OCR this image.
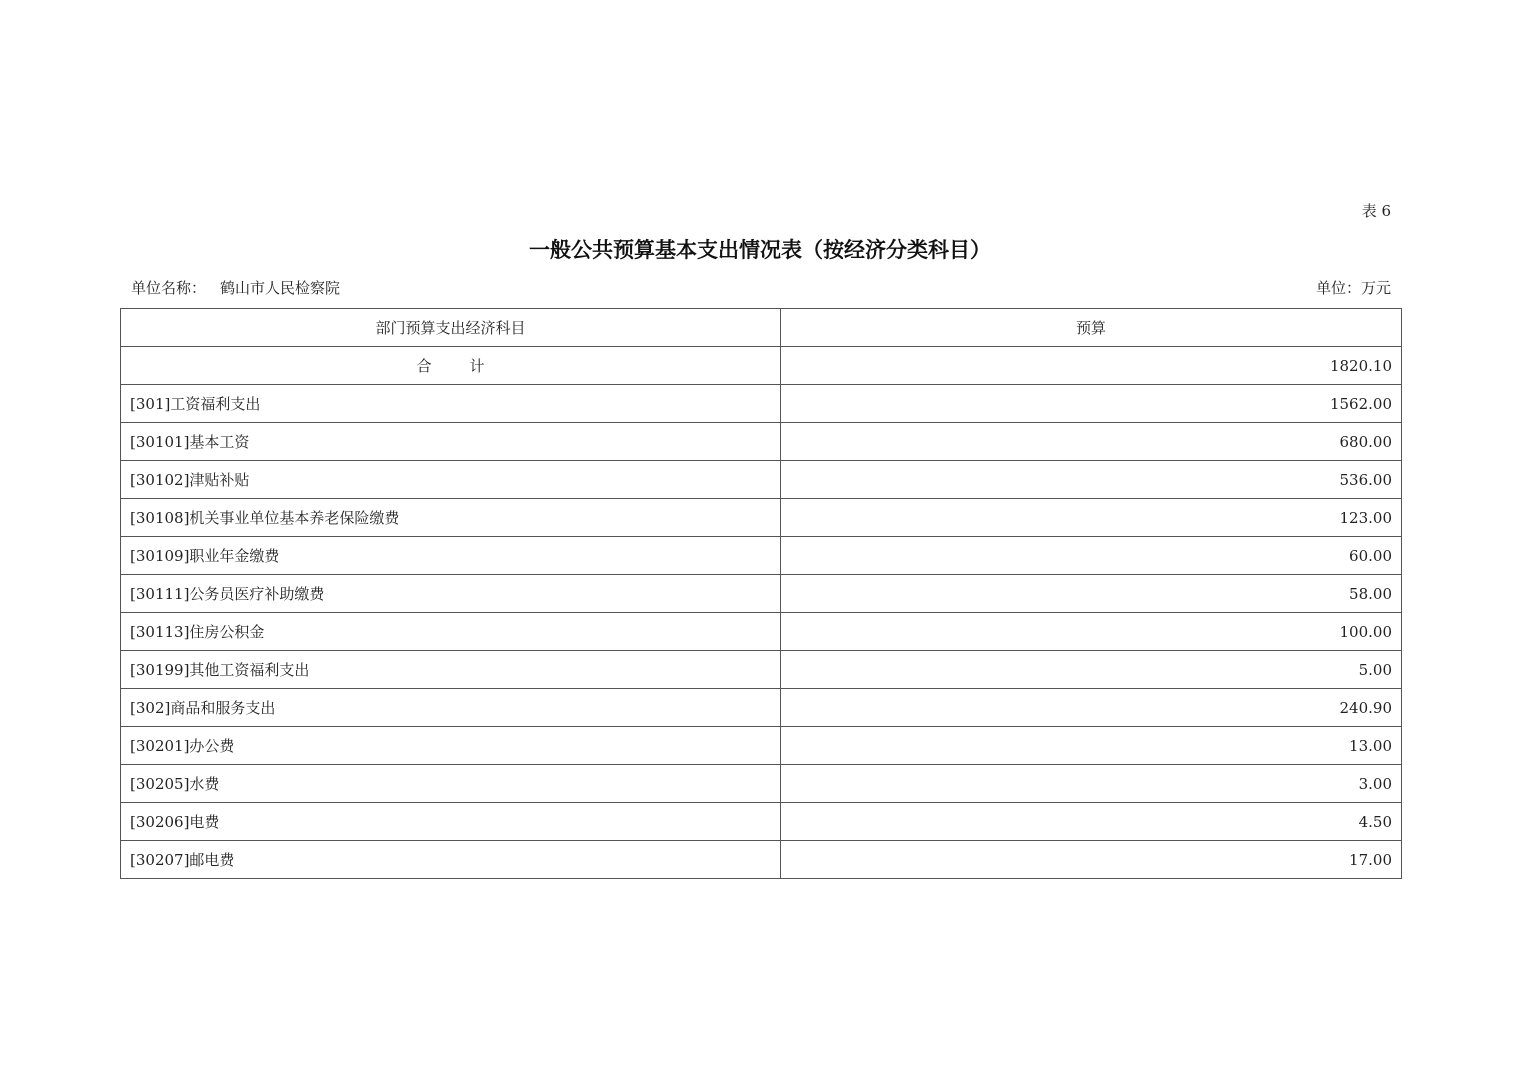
表 6
一般公共预算基本支出情况表（按经济分类科目）
单位名称： 鹤山市人民检察院	单位：万元
部门预算支出经济科目	预算
合 计	1820.10
[301]工资福利支出	1562.00
[30101]基本工资	680.00
[30102]津贴补贴	536.00
[30108]机关事业单位基本养老保险缴费	123.00
[30109]职业年金缴费	60.00
[30111]公务员医疗补助缴费	58.00
[30113]住房公积金	100.00
[30199]其他工资福利支出	5.00
[302]商品和服务支出	240.90
[30201]办公费	13.00
[30205]水费	3.00
[30206]电费	4.50
[30207]邮电费	17.00
